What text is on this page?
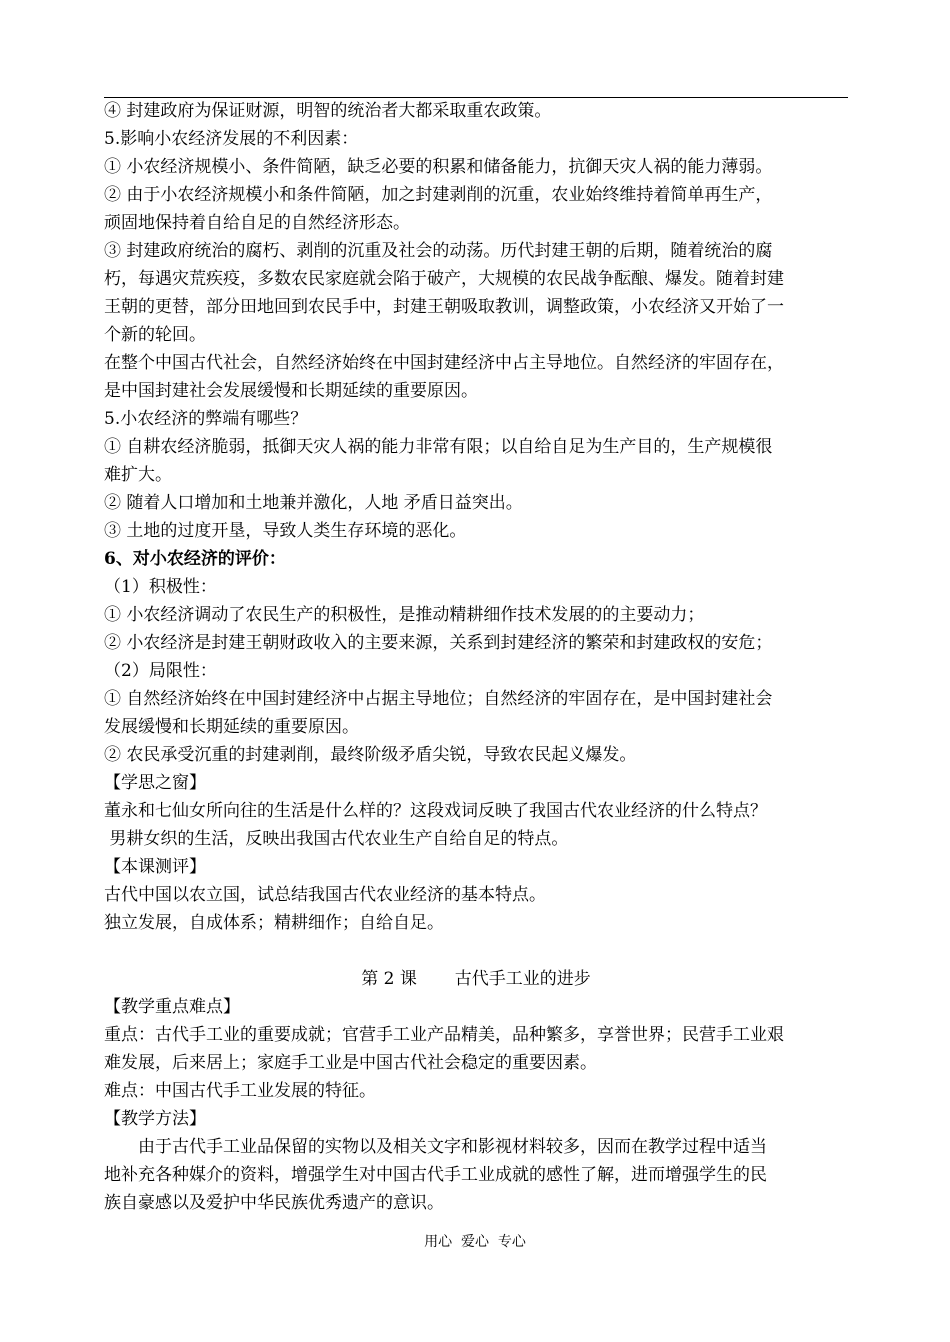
④ 封建政府为保证财源，明智的统治者大都采取重农政策。
5.影响小农经济发展的不利因素：
① 小农经济规模小、条件简陋，缺乏必要的积累和储备能力，抗御天灾人祸的能力薄弱。
② 由于小农经济规模小和条件简陋，加之封建剥削的沉重，农业始终维持着简单再生产，
顽固地保持着自给自足的自然经济形态。
③ 封建政府统治的腐朽、剥削的沉重及社会的动荡。历代封建王朝的后期，随着统治的腐
朽，每遇灾荒疾疫，多数农民家庭就会陷于破产，大规模的农民战争酝酿、爆发。随着封建
王朝的更替，部分田地回到农民手中，封建王朝吸取教训，调整政策，小农经济又开始了一
个新的轮回。
在整个中国古代社会，自然经济始终在中国封建经济中占主导地位。自然经济的牢固存在，
是中国封建社会发展缓慢和长期延续的重要原因。
5.小农经济的弊端有哪些？
① 自耕农经济脆弱，抵御天灾人祸的能力非常有限；以自给自足为生产目的，生产规模很
难扩大。
② 随着人口增加和土地兼并激化，人地 矛盾日益突出。
③ 土地的过度开垦，导致人类生存环境的恶化。
6、对小农经济的评价：
（1）积极性：
① 小农经济调动了农民生产的积极性，是推动精耕细作技术发展的的主要动力；
② 小农经济是封建王朝财政收入的主要来源，关系到封建经济的繁荣和封建政权的安危；
（2）局限性：
① 自然经济始终在中国封建经济中占据主导地位；自然经济的牢固存在，是中国封建社会
发展缓慢和长期延续的重要原因。
② 农民承受沉重的封建剥削，最终阶级矛盾尖锐，导致农民起义爆发。
【学思之窗】
董永和七仙女所向往的生活是什么样的？这段戏词反映了我国古代农业经济的什么特点？
男耕女织的生活，反映出我国古代农业生产自给自足的特点。
【本课测评】
古代中国以农立国，试总结我国古代农业经济的基本特点。
独立发展，自成体系；精耕细作；自给自足。
第 2 课       古代手工业的进步
【教学重点难点】
重点：古代手工业的重要成就；官营手工业产品精美，品种繁多，享誉世界；民营手工业艰
难发展，后来居上；家庭手工业是中国古代社会稳定的重要因素。
难点：中国古代手工业发展的特征。
【教学方法】
由于古代手工业品保留的实物以及相关文字和影视材料较多，因而在教学过程中适当
地补充各种媒介的资料，增强学生对中国古代手工业成就的感性了解，进而增强学生的民
族自豪感以及爱护中华民族优秀遗产的意识。
用心  爱心  专心
